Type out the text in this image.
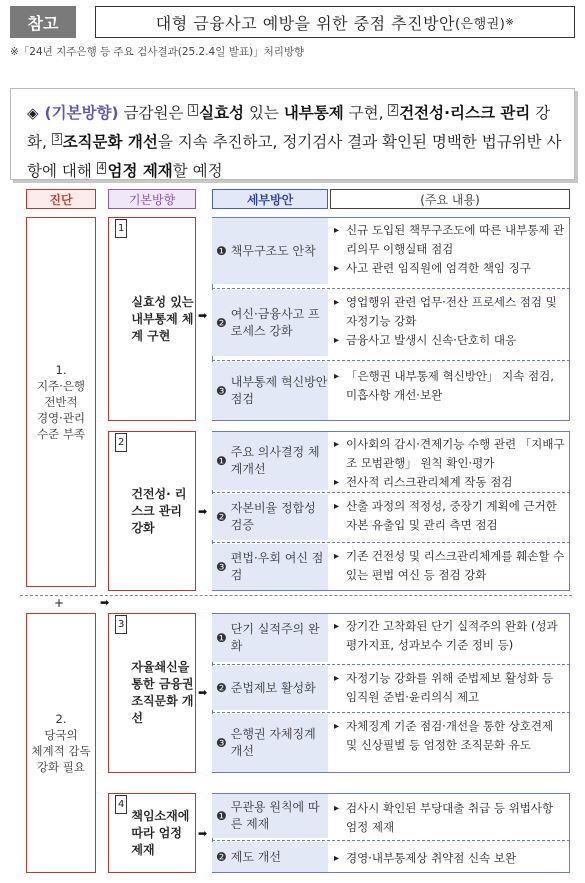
참고	대형 금융사고 예방을 위한 중점 추진방안 (은행권) ※
※「24년 지주은행 등 주요 검사결과(25.2.4일 발표)」처리방향
◈ (기본방향) 금감원은 $^1$ 실효성 있는 내부통제 구현, $^2$ 건전성·리스크 관리 강화, $^3$ 조직문화 개선을 지속 추진하고, 정기검사 결과 확인된 명백한 법규위반 사항에 대해 $^4$ 엄정 제재할 예정
진단	기본방향	세부방안	(주요 내용)
1.
지주·은행
전반적
경영·관리
수준 부족
2.
당국의
체계적 감독
강화 필요
+	➡
1
실효성 있는 내부통제 체계 구현
2
건전성· 리스크 관리 강화
3
자율쇄신을 통한 금융권 조직문화 개선
4
책임소재에 따라 엄정 제재
➡
➡
➡
➡
❶ 책무구조도 안착
▸ 신규 도입된 책무구조도에 따른 내부통제 관리의무 이행실태 점검
▸ 사고 관련 임직원에 엄격한 책임 징구
❷
여신·금융사고 프로세스 강화
▸ 영업행위 관련 업무·전산 프로세스 점검 및 자정기능 강화
▸ 금융사고 발생시 신속·단호히 대응
❸
내부통제 혁신방안 점검
▸ 「은행권 내부통제 혁신방안」 지속 점검, 미흡사항 개선·보완
❶
주요 의사결정 체계개선
▸ 이사회의 감시·견제기능 수행 관련 「지배구조 모범관행」 원칙 확인·평가
▸ 전사적 리스크관리체계 작동 점검
❷
자본비율 정합성 검증
▸ 산출 과정의 적정성, 중장기 계획에 근거한 자본 유출입 및 관리 측면 점검
❸
편법·우회 여신 점검
▸ 기존 건전성 및 리스크관리체계를 훼손할 수 있는 편법 여신 등 점검 강화
❶
단기 실적주의 완화
▸ 장기간 고착화된 단기 실적주의 완화 (성과평가지표, 성과보수 기준 정비 등)
❷ 준법제보 활성화
▸ 자정기능 강화를 위해 준법제보 활성화 등 임직원 준법·윤리의식 제고
❸
은행권 자체징계 개선
▸ 자체징계 기준 점검·개선을 통한 상호견제 및 신상필벌 등 엄정한 조직문화 유도
❶
무관용 원칙에 따른 제재
▸ 검사시 확인된 부당대출 취급 등 위법사항 엄정 제재
❷ 제도 개선
▸	경영·내부통제상 취약점 신속 보완
